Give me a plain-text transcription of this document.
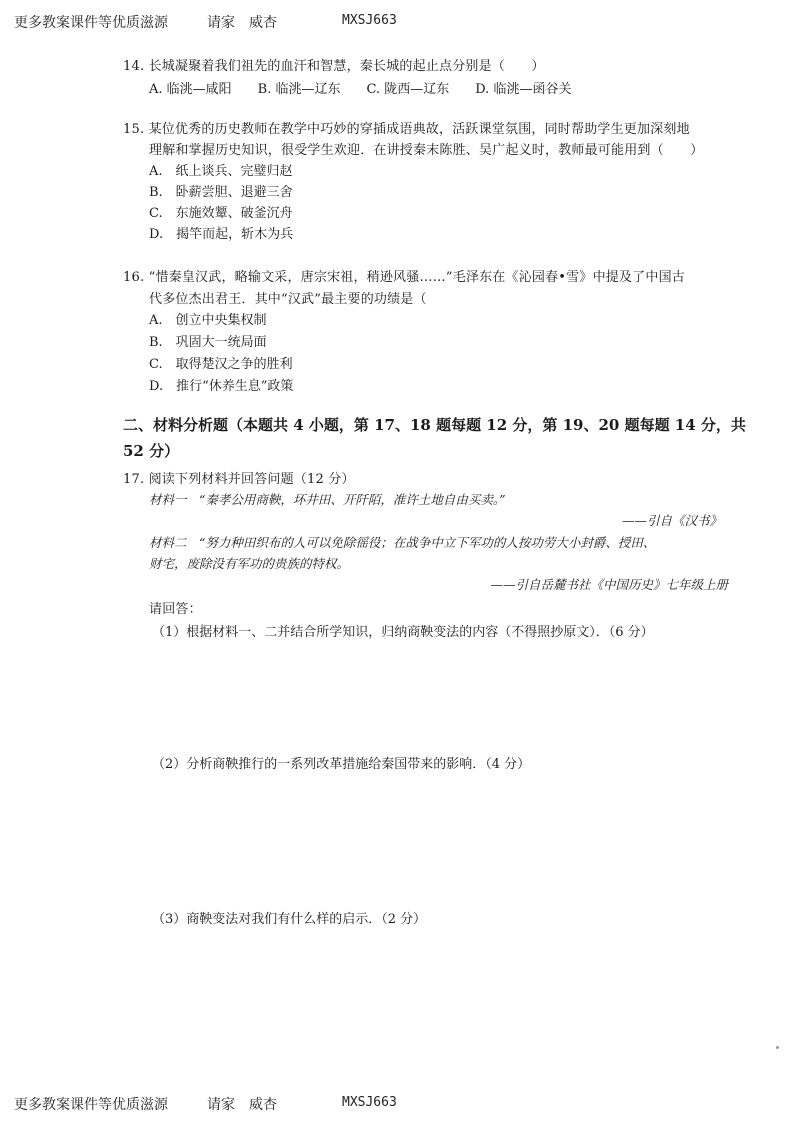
更多教案课件等优质滋源	请家　威杏	MXSJ663
14. 长城凝聚着我们祖先的血汗和智慧，秦长城的起止点分别是（　　）
A. 临洮—咸阳　　B. 临洮—辽东　　C. 陇西—辽东　　D. 临洮—函谷关
15. 某位优秀的历史教师在教学中巧妙的穿插成语典故，活跃课堂氛围，同时帮助学生更加深刻地
理解和掌握历史知识，很受学生欢迎．在讲授秦末陈胜、吴广起义时，教师最可能用到（　　）
A.　纸上谈兵、完璧归赵
B.　卧薪尝胆、退避三舍
C.　东施效颦、破釜沉舟
D.　揭竿而起，斩木为兵
16. “惜秦皇汉武，略输文采，唐宗宋祖，稍逊风骚……”毛泽东在《沁园春•雪》中提及了中国古
代多位杰出君王．其中“汉武”最主要的功绩是（
A.　创立中央集权制
B.　巩固大一统局面
C.　取得楚汉之争的胜利
D.　推行“休养生息”政策
二、材料分析题（本题共 4 小题，第 17、18 题每题 12 分，第 19、20 题每题 14 分，共
52 分）
17. 阅读下列材料并回答问题（12 分）
材料一　“秦孝公用商鞅，坏井田、开阡陌，准许土地自由买卖。”
——引自《汉书》
材料二　“努力种田织布的人可以免除徭役；在战争中立下军功的人按功劳大小封爵、授田、
财宅，废除没有军功的贵族的特权。
——引自岳麓书社《中国历史》七年级上册
请回答：
（1）根据材料一、二并结合所学知识，归纳商鞅变法的内容（不得照抄原文）．（6 分）
（2）分析商鞅推行的一系列改革措施给秦国带来的影响．（4 分）
（3）商鞅变法对我们有什么样的启示．（2 分）
更多教案课件等优质滋源	请家　威杏	MXSJ663
